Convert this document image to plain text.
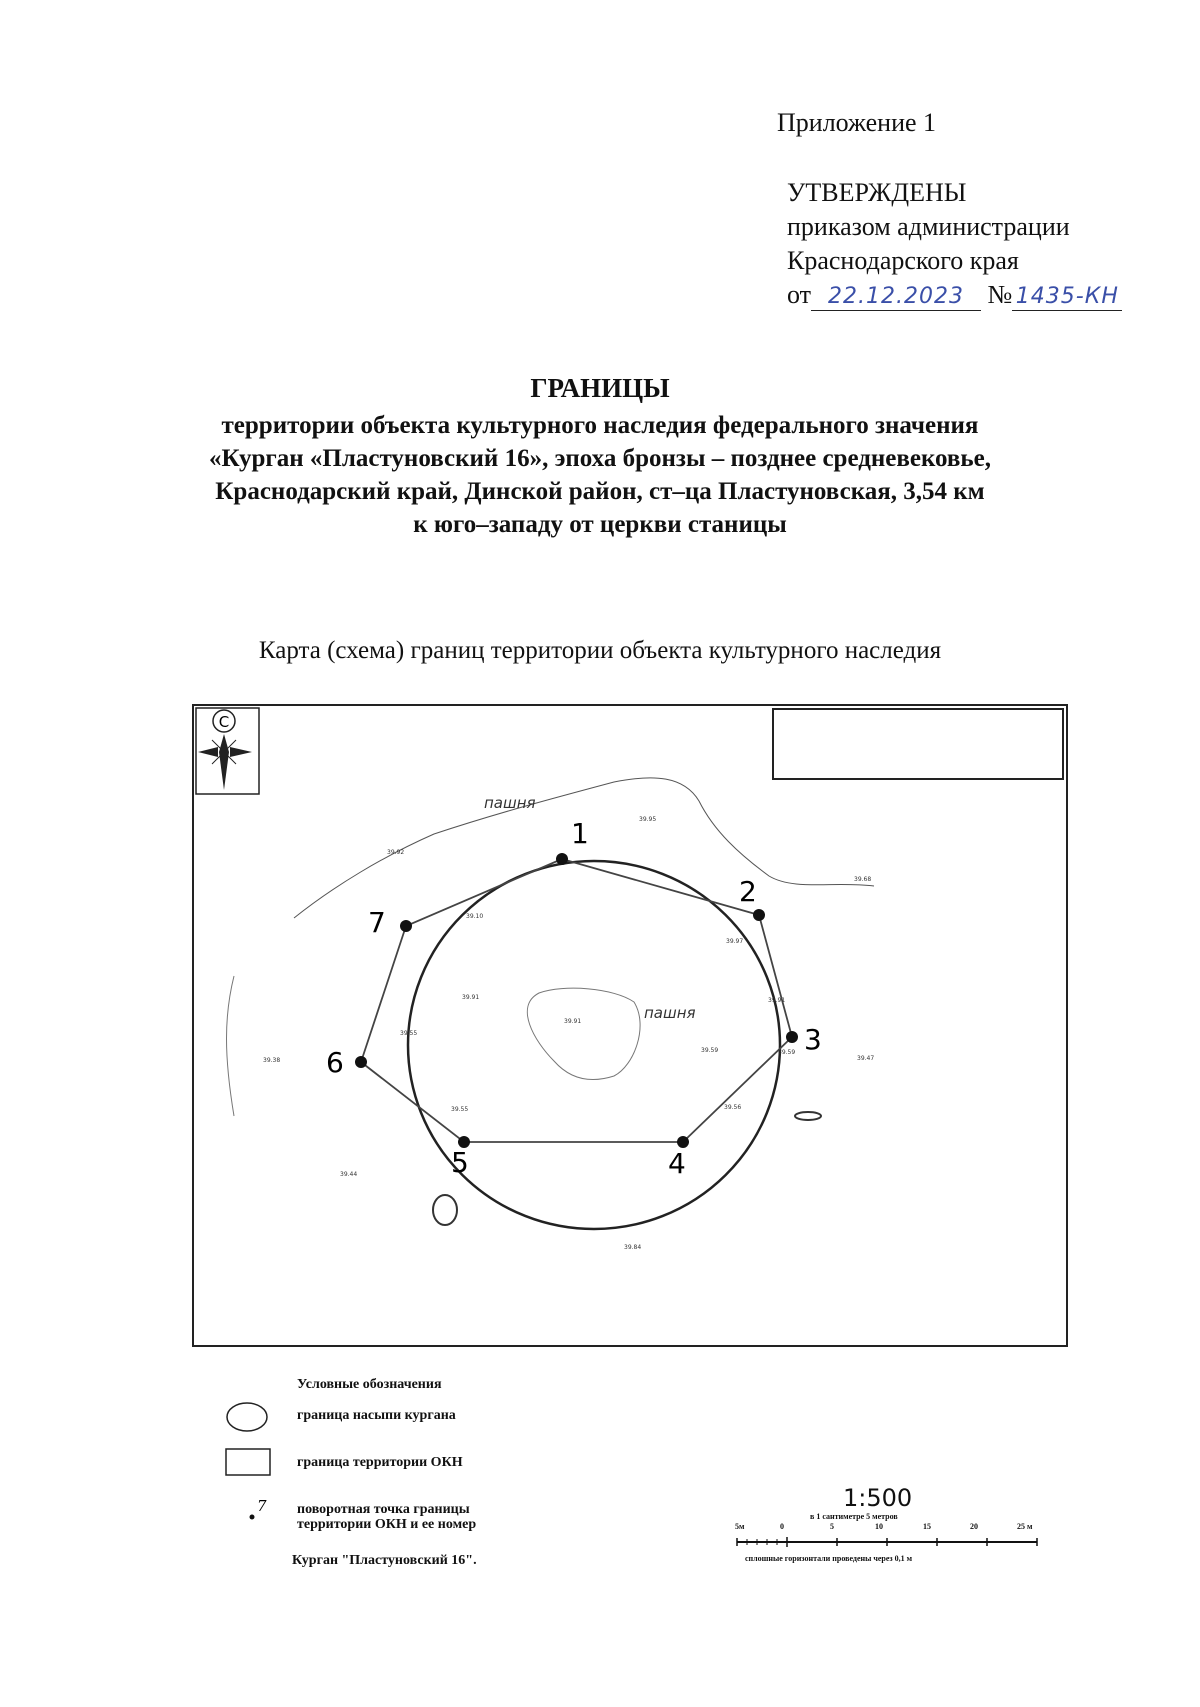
Приложение 1
УТВЕРЖДЕНЫ
приказом администрации
Краснодарского края
от 22.12.2023 № 1435-КН
ГРАНИЦЫ
территории объекта культурного наследия федерального значения
«Курган «Пластуновский 16», эпоха бронзы – позднее средневековье,
Краснодарский край, Динской район, ст–ца Пластуновская, 3,54 км
к юго–западу от церкви станицы
Карта (схема) границ территории объекта культурного наследия
С
пашня
пашня
1
2
3
4
5
6
7
39.95
39.92
39.68
39.10
39.97
39.91
39.91
39.55
39.91
39.59
39.47
39.38
39.59
39.56
39.55
39.44
39.84
Условные обозначения
граница насыпи кургана
граница территории ОКН
7 поворотная точка границы
территории ОКН и ее номер
Курган "Пластуновский 16".
1:500
в 1 сантиметре 5 метров
5м	0	5	10	15	20	25 м
сплошные горизонтали проведены через 0,1 м
